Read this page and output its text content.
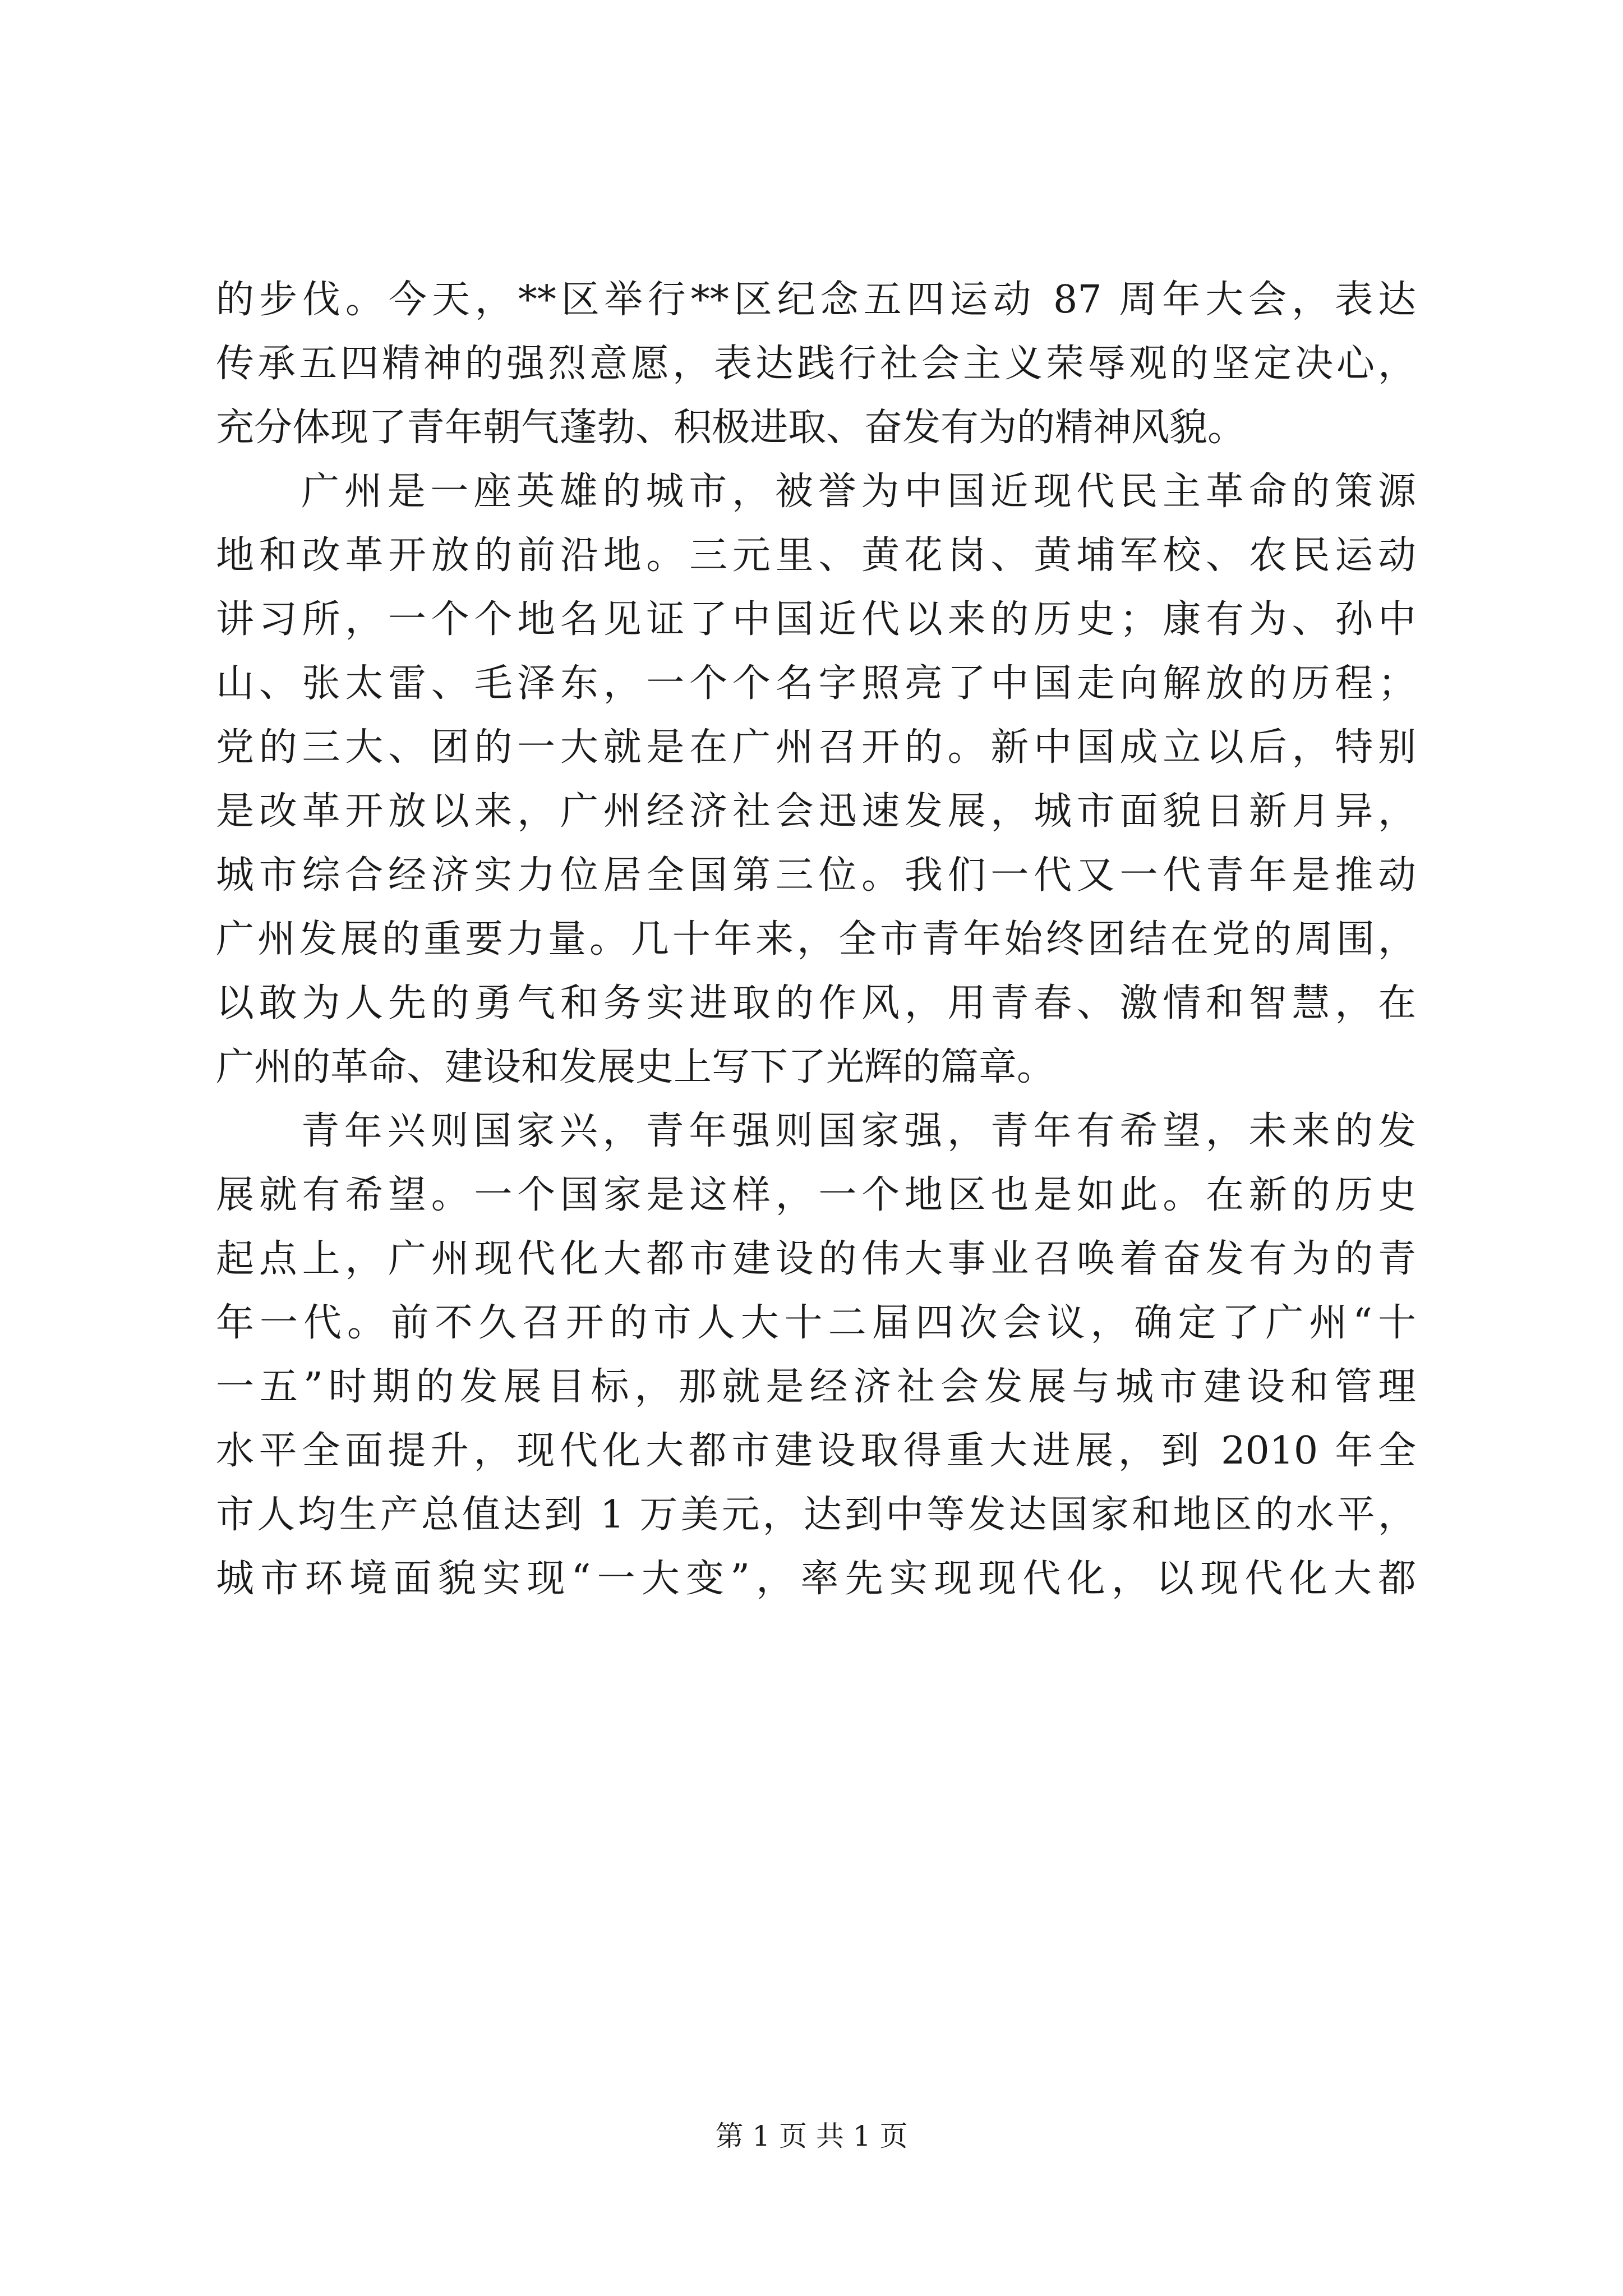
的步伐。今天，**区举行**区纪念五四运动 87 周年大会，表达
传承五四精神的强烈意愿，表达践行社会主义荣辱观的坚定决心，
充分体现了青年朝气蓬勃、积极进取、奋发有为的精神风貌。
广州是一座英雄的城市，被誉为中国近现代民主革命的策源
地和改革开放的前沿地。三元里、黄花岗、黄埔军校、农民运动
讲习所，一个个地名见证了中国近代以来的历史；康有为、孙中
山、张太雷、毛泽东，一个个名字照亮了中国走向解放的历程；
党的三大、团的一大就是在广州召开的。新中国成立以后，特别
是改革开放以来，广州经济社会迅速发展，城市面貌日新月异，
城市综合经济实力位居全国第三位。我们一代又一代青年是推动
广州发展的重要力量。几十年来，全市青年始终团结在党的周围，
以敢为人先的勇气和务实进取的作风，用青春、激情和智慧，在
广州的革命、建设和发展史上写下了光辉的篇章。
青年兴则国家兴，青年强则国家强，青年有希望，未来的发
展就有希望。一个国家是这样，一个地区也是如此。在新的历史
起点上，广州现代化大都市建设的伟大事业召唤着奋发有为的青
年一代。前不久召开的市人大十二届四次会议，确定了广州“十
一五”时期的发展目标，那就是经济社会发展与城市建设和管理
水平全面提升，现代化大都市建设取得重大进展，到 2010 年全
市人均生产总值达到 1 万美元，达到中等发达国家和地区的水平，
城市环境面貌实现“一大变”，率先实现现代化，以现代化大都
第 1 页 共 1 页
